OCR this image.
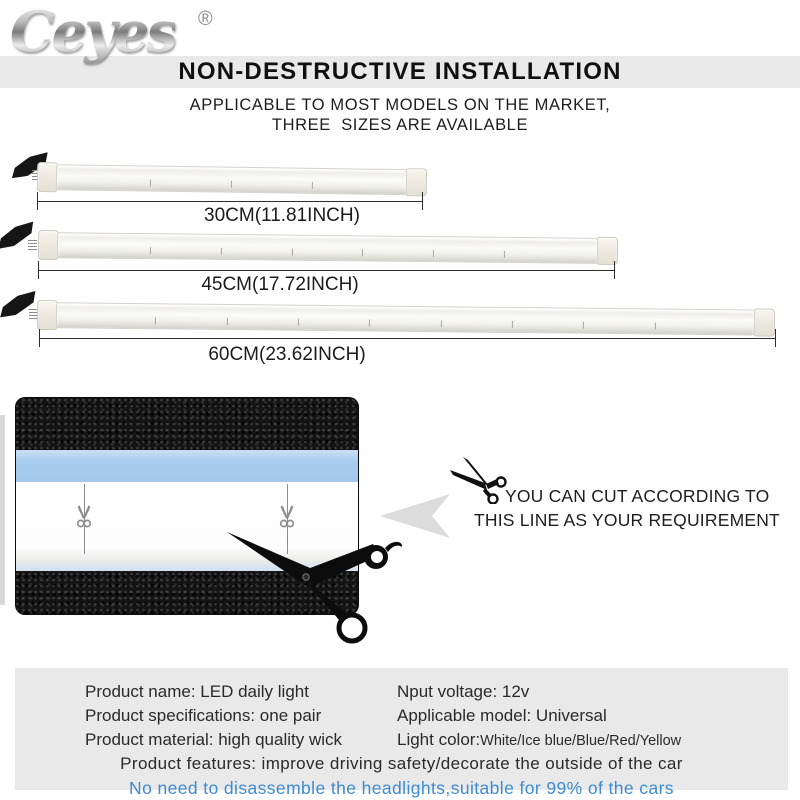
Ceyes ®
NON-DESTRUCTIVE INSTALLATION
APPLICABLE TO MOST MODELS ON THE MARKET,
THREE  SIZES ARE AVAILABLE
30CM(11.81INCH)
45CM(17.72INCH)
60CM(23.62INCH)
YOU CAN CUT ACCORDING TO
THIS LINE AS YOUR REQUIREMENT
Product name: LED daily light	Nput voltage: 12v
Product specifications: one pair	Applicable model: Universal
Product material: high quality wick	Light color:White/Ice blue/Blue/Red/Yellow
Product features: improve driving safety/decorate the outside of the car
No need to disassemble the headlights,suitable for 99% of the cars
